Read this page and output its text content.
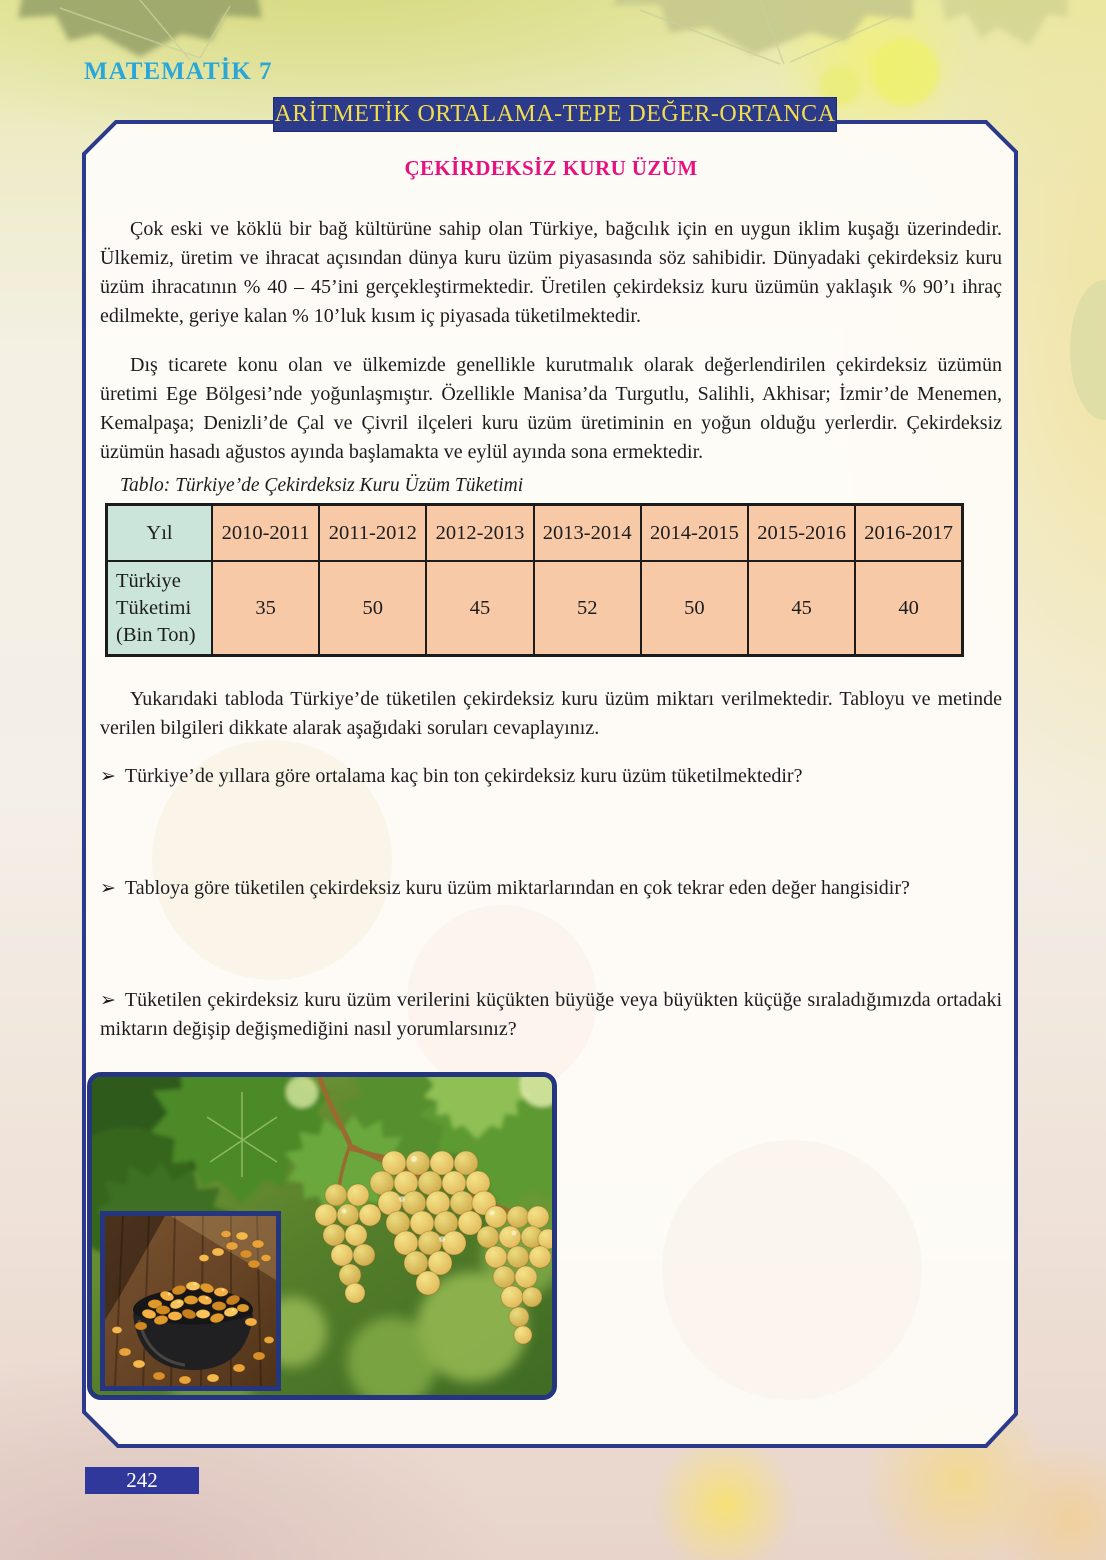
MATEMATİK 7
ARİTMETİK ORTALAMA-TEPE DEĞER-ORTANCA
ÇEKİRDEKSİZ KURU ÜZÜM

Çok eski ve köklü bir bağ kültürüne sahip olan Türkiye, bağcılık için en uygun iklim kuşağı üzerindedir. Ülkemiz, üretim ve ihracat açısından dünya kuru üzüm piyasasında söz sahibidir. Dünyadaki çekirdeksiz kuru üzüm ihracatının % 40 – 45’ini gerçekleştirmektedir. Üretilen çekirdeksiz kuru üzümün yaklaşık % 90’ı ihraç edilmekte, geriye kalan % 10’luk kısım iç piyasada tüketilmektedir.

Dış ticarete konu olan ve ülkemizde genellikle kurutmalık olarak değerlendirilen çekirdeksiz üzümün üretimi Ege Bölgesi’nde yoğunlaşmıştır. Özellikle Manisa’da Turgutlu, Salihli, Akhisar; İzmir’de Menemen, Kemalpaşa; Denizli’de Çal ve Çivril ilçeleri kuru üzüm üretiminin en yoğun olduğu yerlerdir. Çekirdeksiz üzümün hasadı ağustos ayında başlamakta ve eylül ayında sona ermektedir.

Tablo: Türkiye’de Çekirdeksiz Kuru Üzüm Tüketimi
Yıl	2010-2011	2011-2012	2012-2013	2013-2014	2014-2015	2015-2016	2016-2017
Türkiye Tüketimi (Bin Ton)	35	50	45	52	50	45	40

Yukarıdaki tabloda Türkiye’de tüketilen çekirdeksiz kuru üzüm miktarı verilmektedir. Tabloyu ve metinde verilen bilgileri dikkate alarak aşağıdaki soruları cevaplayınız.

➢ Türkiye’de yıllara göre ortalama kaç bin ton çekirdeksiz kuru üzüm tüketilmektedir?
➢ Tabloya göre tüketilen çekirdeksiz kuru üzüm miktarlarından en çok tekrar eden değer hangisidir?
➢ Tüketilen çekirdeksiz kuru üzüm verilerini küçükten büyüğe veya büyükten küçüğe sıraladığımızda ortadaki miktarın değişip değişmediğini nasıl yorumlarsınız?
242
